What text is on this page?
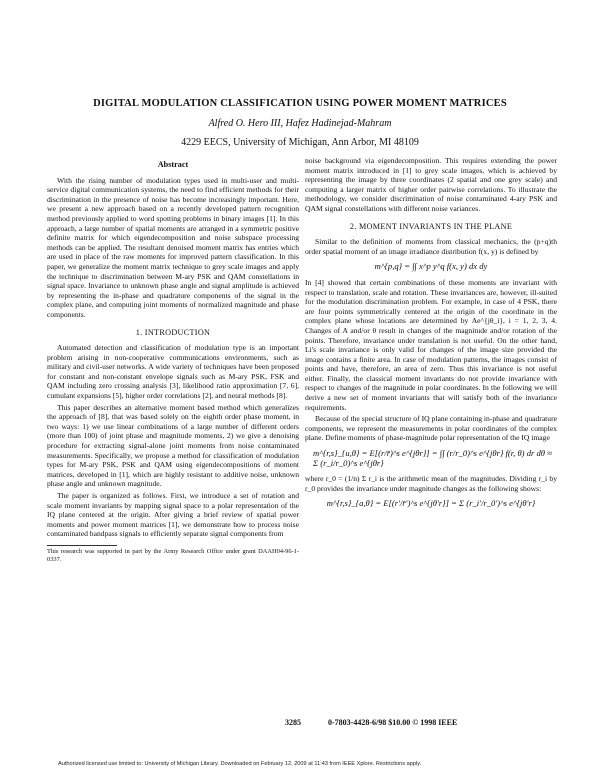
DIGITAL MODULATION CLASSIFICATION USING POWER MOMENT MATRICES
Alfred O. Hero III, Hafez Hadinejad-Mahram
4229 EECS, University of Michigan, Ann Arbor, MI 48109
Abstract

With the rising number of modulation types used in multi-user and multi-service digital communication systems, the need to find efficient methods for their discrimination in the presence of noise has become increasingly important. Here, we present a new approach based on a recently developed pattern recognition method previously applied to word spotting problems in binary images [1]. In this approach, a large number of spatial moments are arranged in a symmetric positive definite matrix for which eigendecomposition and noise subspace processing methods can be applied. The resultant denoised moment matrix has entries which are used in place of the raw moments for improved pattern classification. In this paper, we generalize the moment matrix technique to grey scale images and apply the technique to discrimination between M-ary PSK and QAM constellations in signal space. Invariance to unknown phase angle and signal amplitude is achieved by representing the in-phase and quadrature components of the signal in the complex plane, and computing joint moments of normalized magnitude and phase components.

1. INTRODUCTION

Automated detection and classification of modulation type is an important problem arising in non-cooperative communications environments, such as military and civil-user networks. A wide variety of techniques have been proposed for constant and non-constant envelope signals such as M-ary PSK, FSK and QAM including zero crossing analysis [3], likelihood ratio approximation [7, 6], cumulant expansions [5], higher order correlations [2], and neural methods [8].

This paper describes an alternative moment based method which generalizes the approach of [8], that was based solely on the eighth order phase moment, in two ways: 1) we use linear combinations of a large number of different orders (more than 100) of joint phase and magnitude moments, 2) we give a denoising procedure for extracting signal-alone joint moments from noise contaminated measurements. Specifically, we propose a method for classification of modulation types for M-ary PSK, PSK and QAM using eigendecompositions of moment matrices, developed in [1], which are highly resistant to additive noise, unknown phase angle and unknown magnitude.

The paper is organized as follows. First, we introduce a set of rotation and scale moment invariants by mapping signal space to a polar representation of the IQ plane centered at the origin. After giving a brief review of spatial power moments and power moment matrices [1], we demonstrate how to process noise contaminated bandpass signals to efficiently separate signal components from

This research was supported in part by the Army Research Office under grant DAAH04-96-1-0337.

noise background via eigendecomposition. This requires extending the power moment matrix introduced in [1] to grey scale images, which is achieved by representing the image by three coordinates (2 spatial and one grey scale) and computing a larger matrix of higher order pairwise correlations. To illustrate the methodology, we consider discrimination of noise contaminated 4-ary PSK and QAM signal constellations with different noise variances.

2. MOMENT INVARIANTS IN THE PLANE

Similar to the definition of moments from classical mechanics, the (p+q)th order spatial moment of an image irradiance distribution f(x, y) is defined by

m^{p,q} = ∫∫ x^p y^q f(x, y) dx dy

In [4] showed that certain combinations of these moments are invariant with respect to translation, scale and rotation. These invariances are, however, ill-suited for the modulation discrimination problem. For example, in case of 4 PSK, there are four points symmetrically centered at the origin of the coordinate in the complex plane whose locations are determined by Ae^{jθ_i}, i = 1, 2, 3, 4. Changes of A and/or θ result in changes of the magnitude and/or rotation of the points. Therefore, invariance under translation is not useful. On the other hand, Li's scale invariance is only valid for changes of the image size provided the image contains a finite area. In case of modulation patterns, the images consist of points and have, therefore, an area of zero. Thus this invariance is not useful either. Finally, the classical moment invariants do not provide invariance with respect to changes of the magnitude in polar coordinates. In the following we will derive a new set of moment invariants that will satisfy both of the invariance requirements.

Because of the special structure of IQ plane containing in-phase and quadrature components, we represent the measurements in polar coordinates of the complex plane. Define moments of phase-magnitude polar representation of the IQ image

m^{r,s}_{u,θ} = E[(r/r̄)^s e^{jθr}] = ∫∫ (r/r_0)^s e^{jθr} f(r, θ) dr dθ ≈ Σ (r_i/r_0)^s e^{jθr}

where r_0 = (1/n) Σ r_i is the arithmetic mean of the magnitudes. Dividing r_i by r_0 provides the invariance under magnitude changes as the following shows:

m^{r,s}_{a,θ} = E[(r'/r̄')^s e^{jθ'r}] = Σ (r_i'/r_0')^s e^{jθ'r}
3285	0-7803-4428-6/98 $10.00 © 1998 IEEE
Authorized licensed use limited to: University of Michigan Library. Downloaded on February 12, 2009 at 11:43 from IEEE Xplore. Restrictions apply.
